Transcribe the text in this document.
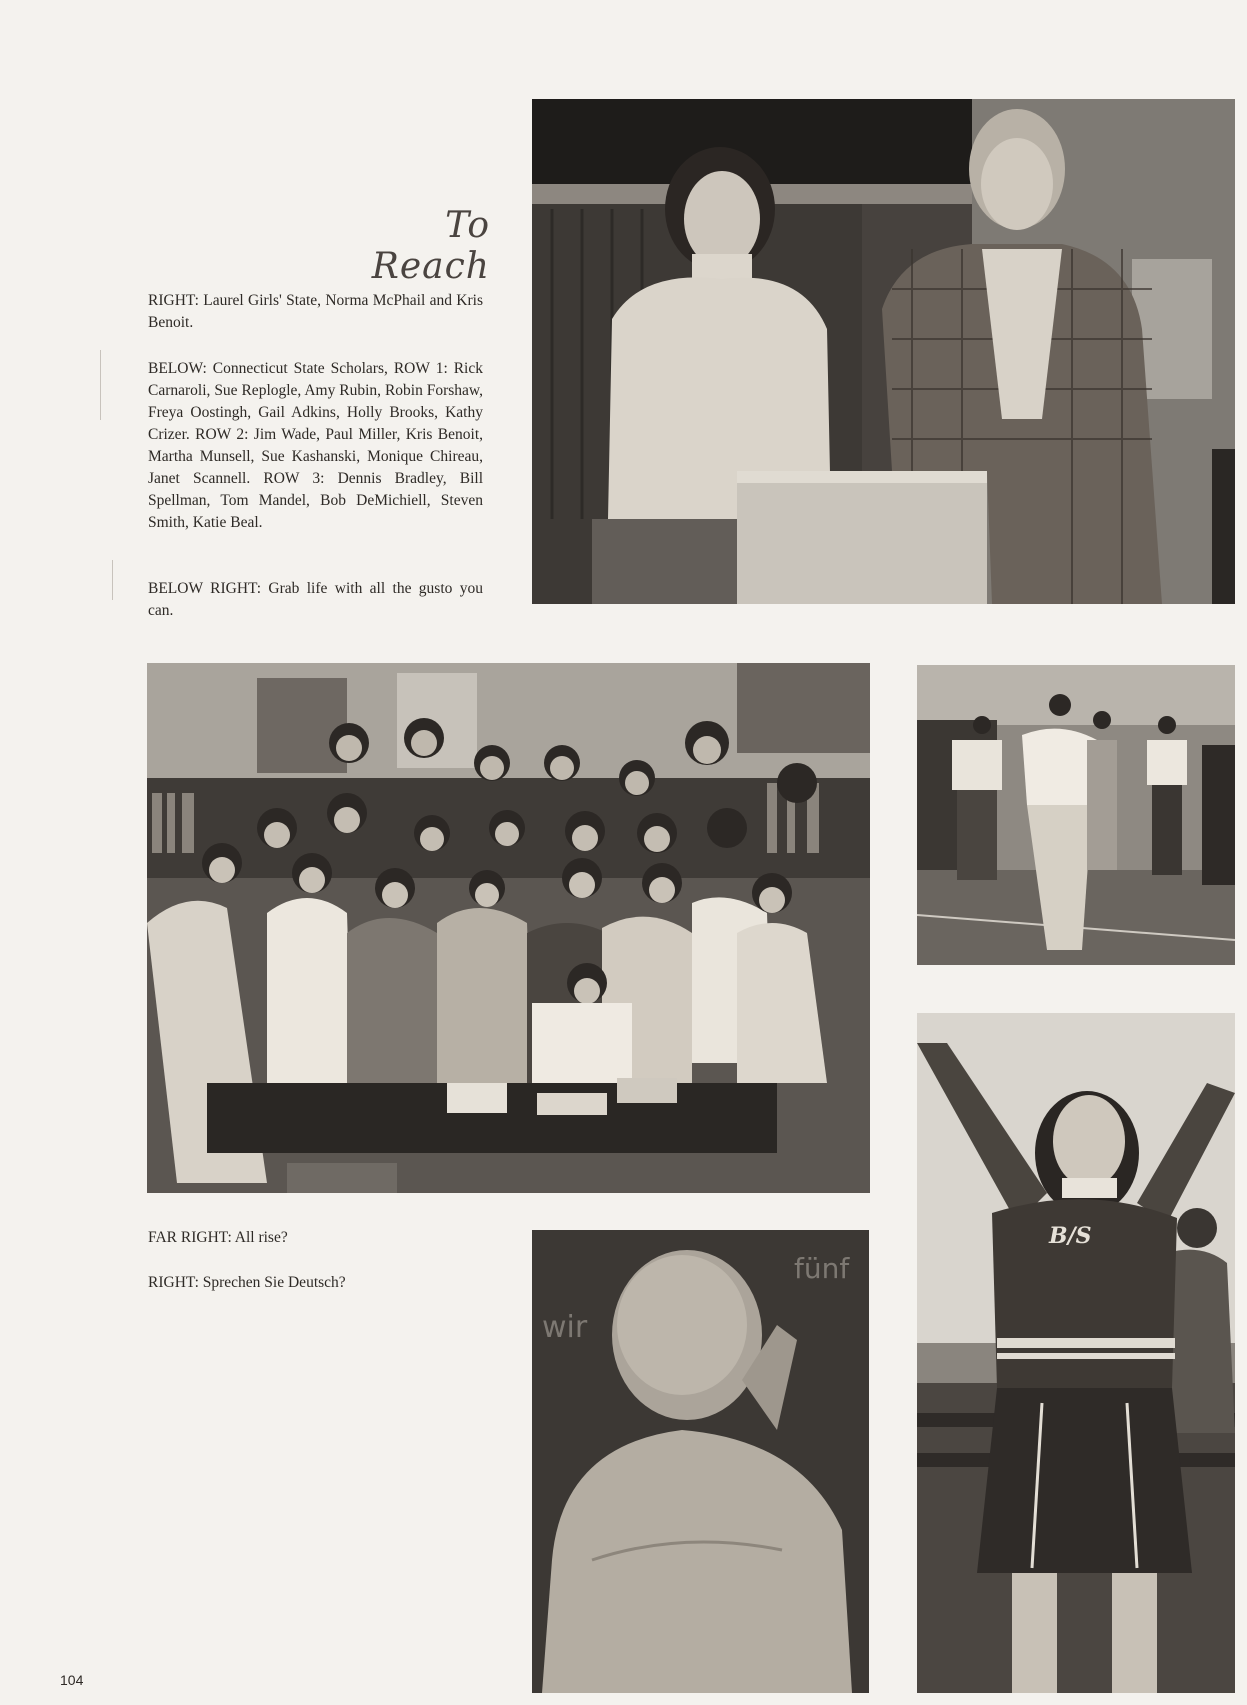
To Reach
RIGHT: Laurel Girls' State, Norma McPhail and Kris Benoit.
BELOW: Connecticut State Scholars, ROW 1: Rick Carnaroli, Sue Replogle, Amy Rubin, Robin Forshaw, Freya Oostingh, Gail Adkins, Holly Brooks, Kathy Crizer. ROW 2: Jim Wade, Paul Miller, Kris Benoit, Martha Munsell, Sue Kashanski, Monique Chireau, Janet Scannell. ROW 3: Dennis Bradley, Bill Spellman, Tom Mandel, Bob DeMichiell, Steven Smith, Katie Beal.
BELOW RIGHT: Grab life with all the gusto you can.
FAR RIGHT: All rise?
RIGHT: Sprechen Sie Deutsch?
B/S
wir
fünf
104
